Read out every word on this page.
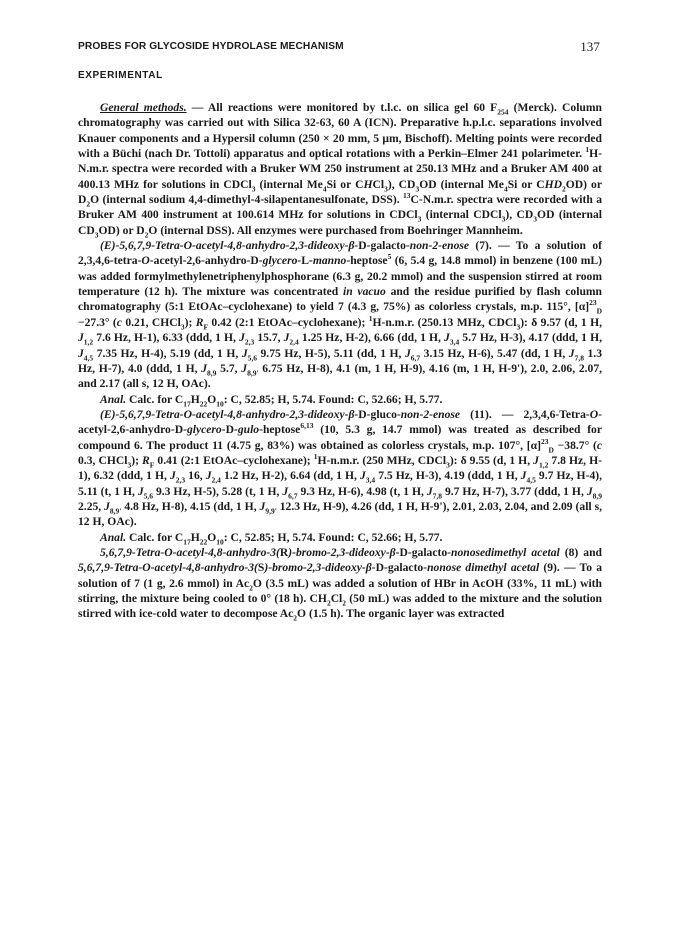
PROBES FOR GLYCOSIDE HYDROLASE MECHANISM	137
EXPERIMENTAL

General methods. — All reactions were monitored by t.l.c. on silica gel 60 $F_{254}$ (Merck). Column chromatography was carried out with Silica 32-63, 60 A (ICN). Preparative h.p.l.c. separations involved Knauer components and a Hypersil column (250 × 20 mm, 5 μm, Bischoff). Melting points were recorded with a Büchi (nach Dr. Tottoli) apparatus and optical rotations with a Perkin–Elmer 241 polarimeter. $^1$H-N.m.r. spectra were recorded with a Bruker WM 250 instrument at 250.13 MHz and a Bruker AM 400 at 400.13 MHz for solutions in CDCl$_3$ (internal $Me_4Si$ or CHCl$_3$), $CD_3OD$ (internal $Me_4Si$ or $CHD_2OD$) or $D_2O$ (internal sodium 4,4-dimethyl-4-silapentanesulfonate, DSS). $^{13}$C-N.m.r. spectra were recorded with a Bruker AM 400 instrument at 100.614 MHz for solutions in CDCl$_3$ (internal CDCl$_3$), $CD_3OD$ (internal $CD_3OD$) or $D_2O$ (internal DSS). All enzymes were purchased from Boehringer Mannheim.

(E)-5,6,7,9-Tetra-O-acetyl-4,8-anhydro-2,3-dideoxy-β-D-galacto-non-2-enose (7). — To a solution of 2,3,4,6-tetra-O-acetyl-2,6-anhydro-D-glycero-L-manno-heptose$^5$ (6, 5.4 g, 14.8 mmol) in benzene (100 mL) was added formylmethylenetriphenylphosphorane (6.3 g, 20.2 mmol) and the suspension stirred at room temperature (12 h). The mixture was concentrated in vacuo and the residue purified by flash column chromatography (5:1 EtOAc–cyclohexane) to yield 7 (4.3 g, 75%) as colorless crystals, m.p. 115°, $[\alpha]^{23}_D -27.3^\circ$ (c 0.21, CHCl$_3$); $R_F$ 0.42 (2:1 EtOAc–cyclohexane); $^1$H-n.m.r. (250.13 MHz, CDCl$_3$): δ 9.57 (d, 1 H, $J_{1,2}$ 7.6 Hz, H-1), 6.33 (ddd, 1 H, $J_{2,3}$ 15.7, $J_{2,4}$ 1.25 Hz, H-2), 6.66 (dd, 1 H, $J_{3,4}$ 5.7 Hz, H-3), 4.17 (ddd, 1 H, $J_{4,5}$ 7.35 Hz, H-4), 5.19 (dd, 1 H, $J_{5,6}$ 9.75 Hz, H-5), 5.11 (dd, 1 H, $J_{6,7}$ 3.15 Hz, H-6), 5.47 (dd, 1 H, $J_{7,8}$ 1.3 Hz, H-7), 4.0 (ddd, 1 H, $J_{8,9}$ 5.7, $J_{8,9'}$ 6.75 Hz, H-8), 4.1 (m, 1 H, H-9), 4.16 (m, 1 H, H-9'), 2.0, 2.06, 2.07, and 2.17 (all s, 12 H, OAc).

Anal. Calc. for $C_{17}H_{22}O_{10}$: C, 52.85; H, 5.74. Found: C, 52.66; H, 5.77.

(E)-5,6,7,9-Tetra-O-acetyl-4,8-anhydro-2,3-dideoxy-β-D-gluco-non-2-enose (11). — 2,3,4,6-Tetra-O-acetyl-2,6-anhydro-D-glycero-D-gulo-heptose$^{6,13}$ (10, 5.3 g, 14.7 mmol) was treated as described for compound 6. The product 11 (4.75 g, 83%) was obtained as colorless crystals, m.p. 107°, $[\alpha]^{23}_D -38.7^\circ$ (c 0.3, CHCl$_3$); $R_F$ 0.41 (2:1 EtOAc–cyclohexane); $^1$H-n.m.r. (250 MHz, CDCl$_3$): δ 9.55 (d, 1 H, $J_{1,2}$ 7.8 Hz, H-1), 6.32 (ddd, 1 H, $J_{2,3}$ 16, $J_{2,4}$ 1.2 Hz, H-2), 6.64 (dd, 1 H, $J_{3,4}$ 7.5 Hz, H-3), 4.19 (ddd, 1 H, $J_{4,5}$ 9.7 Hz, H-4), 5.11 (t, 1 H, $J_{5,6}$ 9.3 Hz, H-5), 5.28 (t, 1 H, $J_{6,7}$ 9.3 Hz, H-6), 4.98 (t, 1 H, $J_{7,8}$ 9.7 Hz, H-7), 3.77 (ddd, 1 H, $J_{8,9}$ 2.25, $J_{8,9'}$ 4.8 Hz, H-8), 4.15 (dd, 1 H, $J_{9,9'}$ 12.3 Hz, H-9), 4.26 (dd, 1 H, H-9'), 2.01, 2.03, 2.04, and 2.09 (all s, 12 H, OAc).

Anal. Calc. for $C_{17}H_{22}O_{10}$: C, 52.85; H, 5.74. Found: C, 52.66; H, 5.77.

5,6,7,9-Tetra-O-acetyl-4,8-anhydro-3(R)-bromo-2,3-dideoxy-β-D-galacto-nonosedimethyl acetal (8) and 5,6,7,9-Tetra-O-acetyl-4,8-anhydro-3(S)-bromo-2,3-dideoxy-β-D-galacto-nonose dimethyl acetal (9). — To a solution of 7 (1 g, 2.6 mmol) in $Ac_2O$ (3.5 mL) was added a solution of HBr in AcOH (33%, 11 mL) with stirring, the mixture being cooled to 0° (18 h). $CH_2Cl_2$ (50 mL) was added to the mixture and the solution stirred with ice-cold water to decompose $Ac_2O$ (1.5 h). The organic layer was extracted
